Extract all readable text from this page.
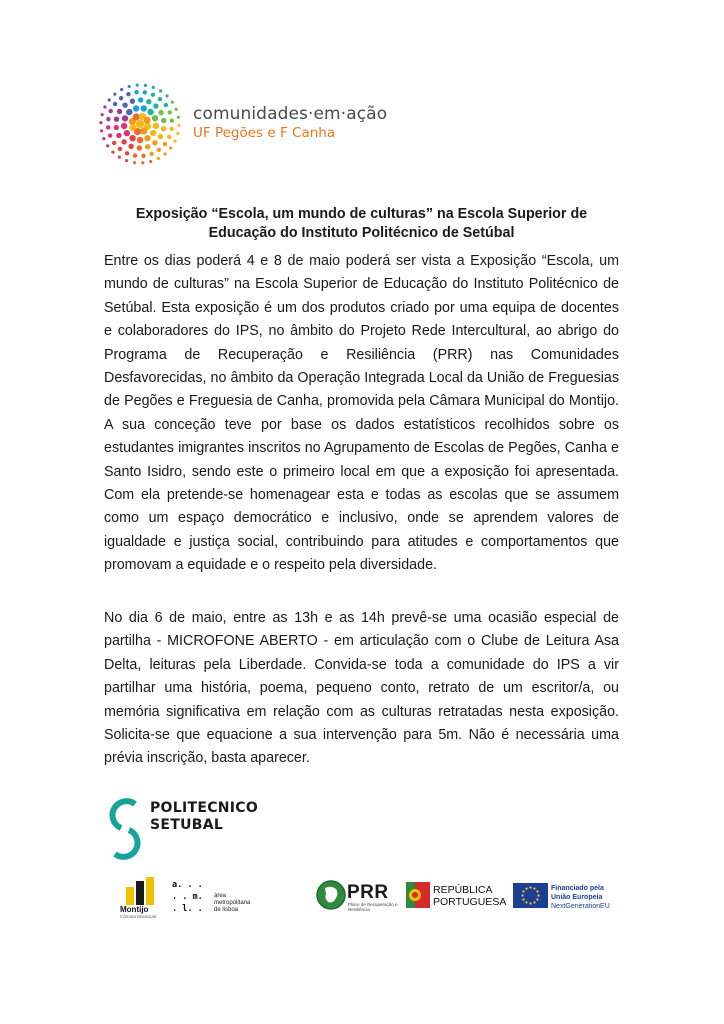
comunidades·em·ação
UF Pegões e F Canha
Exposição “Escola, um mundo de culturas” na Escola Superior de Educação do Instituto Politécnico de Setúbal
Entre os dias poderá 4 e 8 de maio poderá ser vista a Exposição “Escola, um mundo de culturas” na Escola Superior de Educação do Instituto Politécnico de Setúbal. Esta exposição é um dos produtos criado por uma equipa de docentes e colaboradores do IPS, no âmbito do Projeto Rede Intercultural, ao abrigo do Programa de Recuperação e Resiliência (PRR) nas Comunidades Desfavorecidas, no âmbito da Operação Integrada Local da União de Freguesias de Pegões e Freguesia de Canha, promovida pela Câmara Municipal do Montijo. A sua conceção teve por base os dados estatísticos recolhidos sobre os estudantes imigrantes inscritos no Agrupamento de Escolas de Pegões, Canha e Santo Isidro, sendo este o primeiro local em que a exposição foi apresentada. Com ela pretende-se homenagear esta e todas as escolas que se assumem como um espaço democrático e inclusivo, onde se aprendem valores de igualdade e justiça social, contribuindo para atitudes e comportamentos que promovam a equidade e o respeito pela diversidade.
No dia 6 de maio, entre as 13h e as 14h prevê-se uma ocasião especial de partilha - MICROFONE ABERTO - em articulação com o Clube de Leitura Asa Delta, leituras pela Liberdade. Convida-se toda a comunidade do IPS a vir partilhar uma história, poema, pequeno conto, retrato de um escritor/a, ou memória significativa em relação com as culturas retratadas nesta exposição. Solicita-se que equacione a sua intervenção para 5m. Não é necessária uma prévia inscrição, basta aparecer.
POLITECNICO
SETUBAL
Montijo
Câmara Municipal
a. . .
. . m.
. l. .
área
metropolitana
de lisboa
PRR
Plano de Recuperação e Resiliência
REPÚBLICA
PORTUGUESA
Financiado pela
União Europeia
NextGenerationEU
